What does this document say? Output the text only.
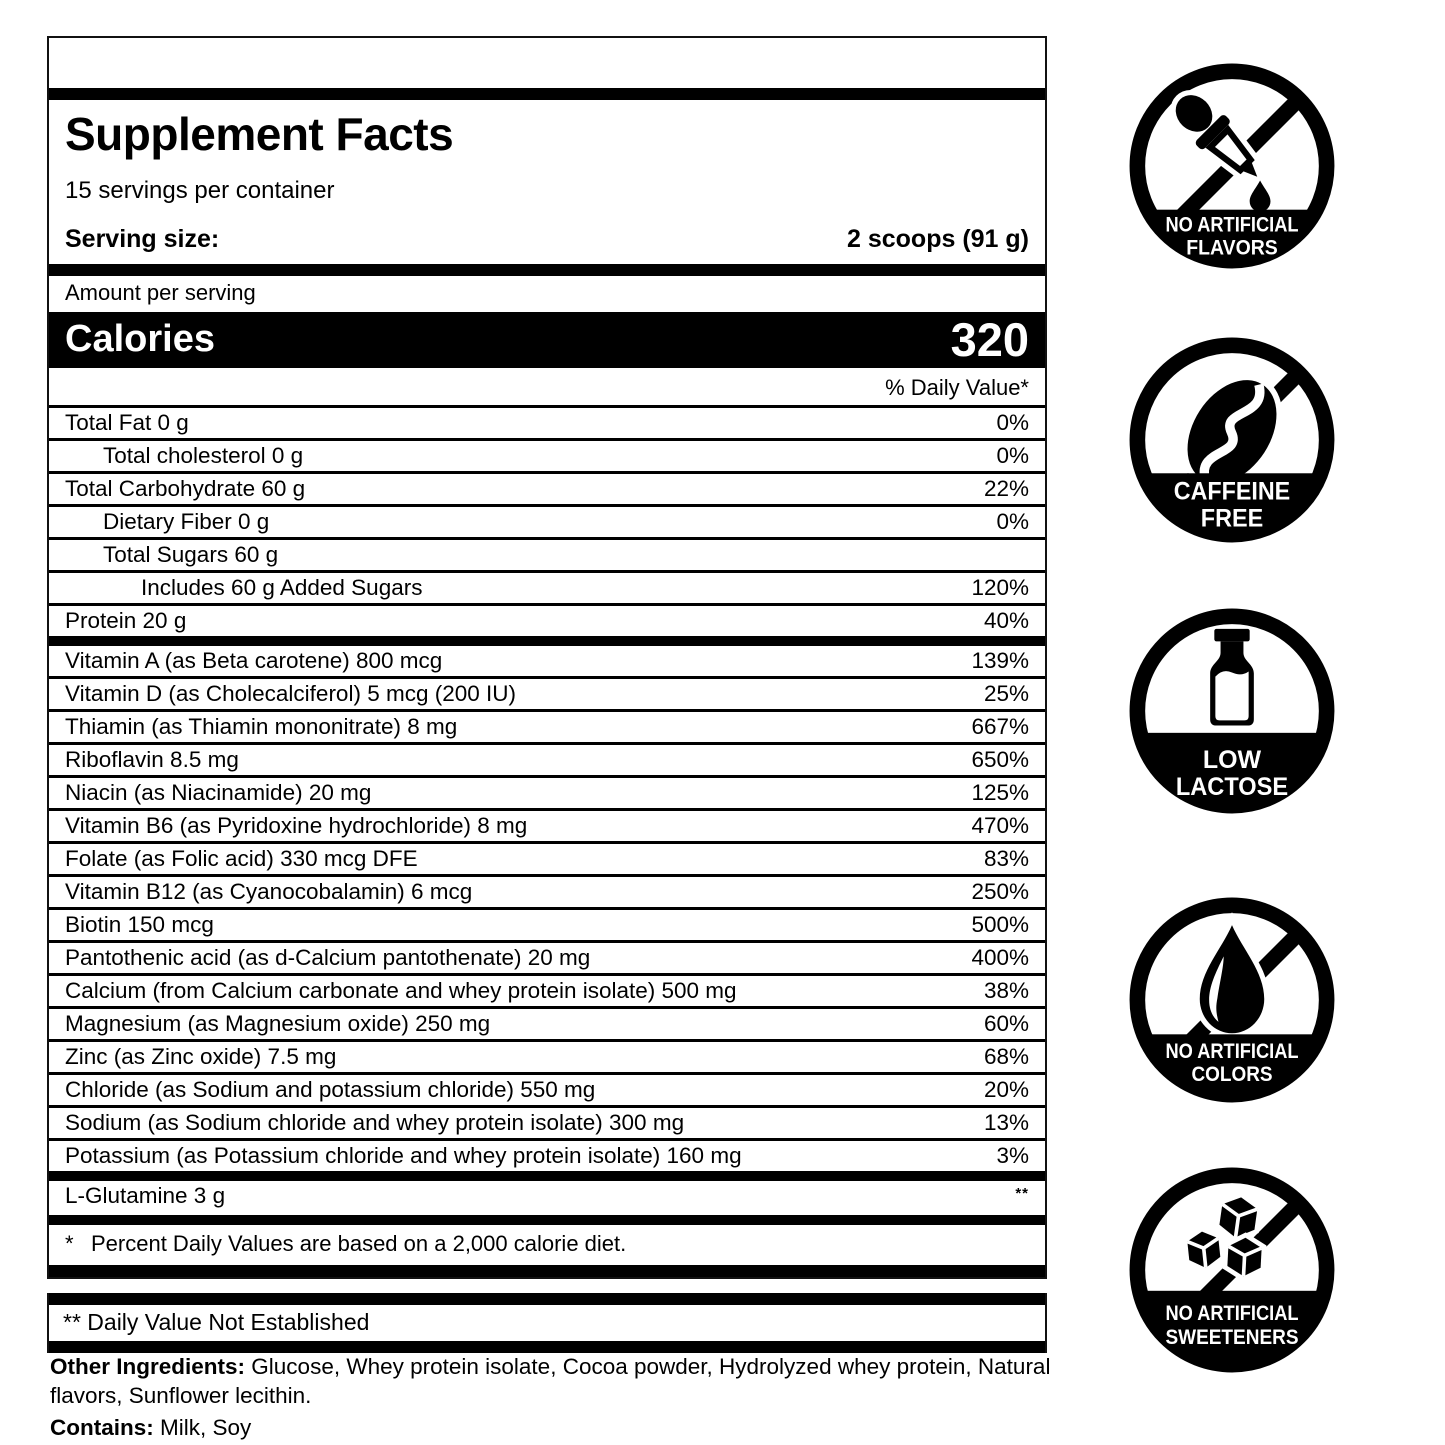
Supplement Facts
15 servings per container
Serving size:	2 scoops (91 g)
Amount per serving
Calories	320
% Daily Value*
Total Fat 0 g	0%
Total cholesterol 0 g	0%
Total Carbohydrate 60 g	22%
Dietary Fiber 0 g	0%
Total Sugars 60 g
Includes 60 g Added Sugars	120%
Protein 20 g	40%
Vitamin A (as Beta carotene) 800 mcg	139%
Vitamin D (as Cholecalciferol) 5 mcg (200 IU)	25%
Thiamin (as Thiamin mononitrate) 8 mg	667%
Riboflavin 8.5 mg	650%
Niacin (as Niacinamide) 20 mg	125%
Vitamin B6 (as Pyridoxine hydrochloride) 8 mg	470%
Folate (as Folic acid) 330 mcg DFE	83%
Vitamin B12 (as Cyanocobalamin) 6 mcg	250%
Biotin 150 mcg	500%
Pantothenic acid (as d-Calcium pantothenate) 20 mg	400%
Calcium (from Calcium carbonate and whey protein isolate) 500 mg	38%
Magnesium (as Magnesium oxide) 250 mg	60%
Zinc (as Zinc oxide) 7.5 mg	68%
Chloride (as Sodium and potassium chloride) 550 mg	20%
Sodium (as Sodium chloride and whey protein isolate) 300 mg	13%
Potassium (as Potassium chloride and whey protein isolate) 160 mg	3%
L-Glutamine 3 g	**
* Percent Daily Values are based on a 2,000 calorie diet.
** Daily Value Not Established

Other Ingredients: Glucose, Whey protein isolate, Cocoa powder, Hydrolyzed whey protein, Natural flavors, Sunflower lecithin.

Contains: Milk, Soy

NO ARTIFICIAL
FLAVORS
CAFFEINE
FREE
LOW
LACTOSE
NO ARTIFICIAL
COLORS
NO ARTIFICIAL
SWEETENERS
